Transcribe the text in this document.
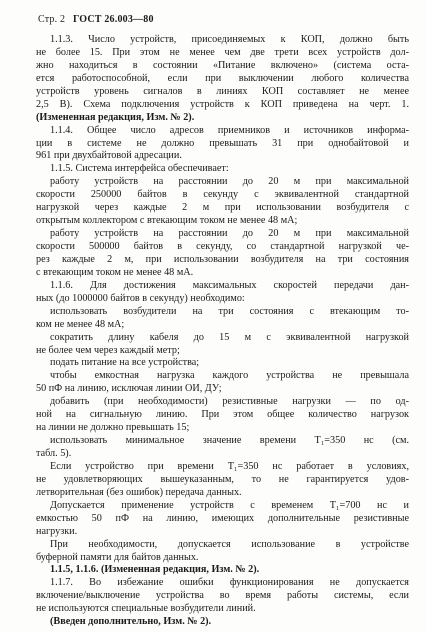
Стр. 2 ГОСТ 26.003—80
1.1.3. Число устройств, присоединяемых к КОП, должно быть
не более 15. При этом не менее чем две трети всех устройств дол-
жно находиться в состоянии «Питание включено» (система оста-
ется работоспособной, если при выключении любого количества
устройств уровень сигналов в линиях КОП составляет не менее
2,5 В). Схема подключения устройств к КОП приведена на черт. 1.
(Измененная редакция, Изм. № 2).
1.1.4. Общее число адресов приемников и источников информа-
ции в системе не должно превышать 31 при однобайтовой и
961 при двухбайтовой адресации.
1.1.5. Система интерфейса обеспечивает:
работу устройств на расстоянии до 20 м при максимальной
скорости 250000 байтов в секунду с эквивалентной стандартной
нагрузкой через каждые 2 м при использовании возбудителя с
открытым коллектором с втекающим током не менее 48 мА;
работу устройств на расстоянии до 20 м при максимальной
скорости 500000 байтов в секунду, со стандартной нагрузкой че-
рез каждые 2 м, при использовании возбудителя на три состояния
с втекающим током не менее 48 мА.
1.1.6. Для достижения максимальных скоростей передачи дан-
ных (до 1000000 байтов в секунду) необходимо:
использовать возбудители на три состояния с втекающим то-
ком не менее 48 мА;
сократить длину кабеля до 15 м с эквивалентной нагрузкой
не более чем через каждый метр;
подать питание на все устройства;
чтобы емкостная нагрузка каждого устройства не превышала
50 пФ на линию, исключая линии ОИ, ДУ;
добавить (при необходимости) резистивные нагрузки — по од-
ной на сигнальную линию. При этом общее количество нагрузок
на линии не должно превышать 15;
использовать минимальное значение времени T₁=350 нс (см.
табл. 5).
Если устройство при времени T₁=350 нс работает в условиях,
не удовлетворяющих вышеуказанным, то не гарантируется удов-
летворительная (без ошибок) передача данных.
Допускается применение устройств с временем T₁=700 нс и
емкостью 50 пФ на линию, имеющих дополнительные резистивные
нагрузки.
При необходимости, допускается использование в устройстве
буферной памяти для байтов данных.
1.1.5, 1.1.6. (Измененная редакция, Изм. № 2).
1.1.7. Во избежание ошибки функционирования не допускается
включение/выключение устройства во время работы системы, если
не используются специальные возбудители линий.
(Введен дополнительно, Изм. № 2).
